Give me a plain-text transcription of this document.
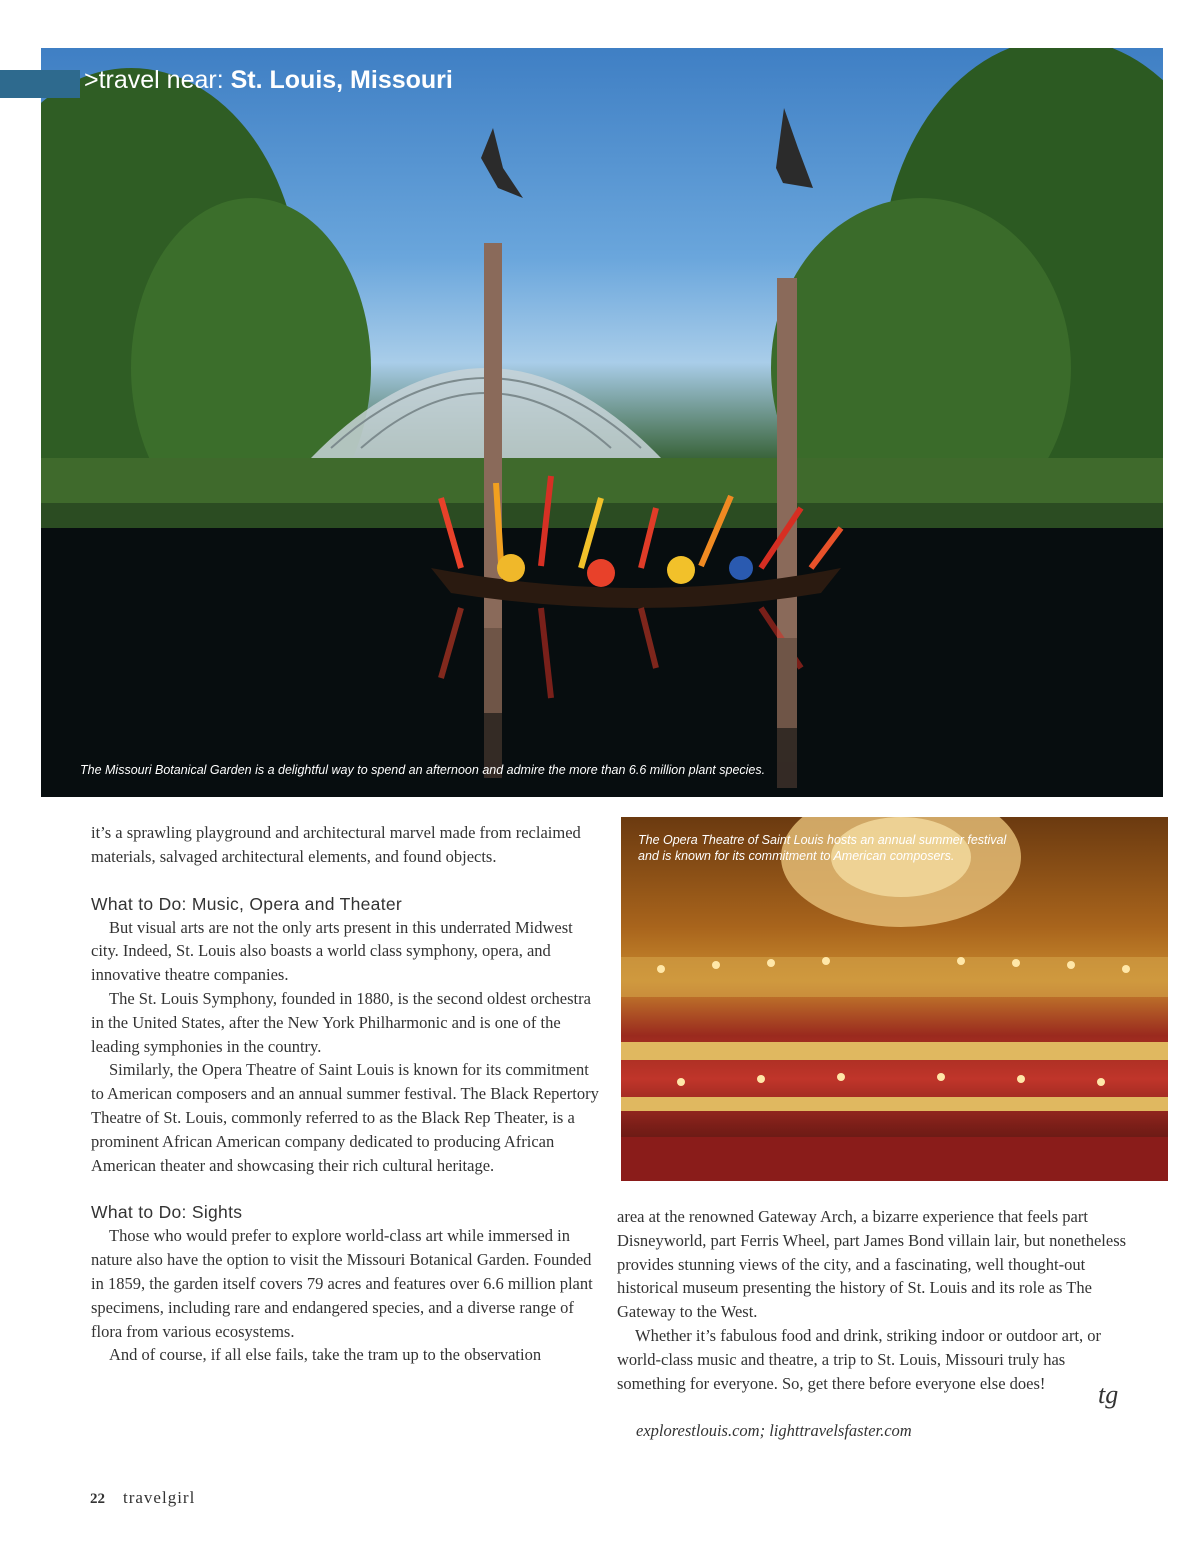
>travel near: St. Louis, Missouri
The Missouri Botanical Garden is a delightful way to spend an afternoon and admire the more than 6.6 million plant species.
The Opera Theatre of Saint Louis hosts an annual summer festival and is known for its commitment to American composers.

it’s a sprawling playground and architectural marvel made from reclaimed materials, salvaged architectural elements, and found objects.

What to Do: Music, Opera and Theater

But visual arts are not the only arts present in this underrated Midwest city. Indeed, St. Louis also boasts a world class symphony, opera, and innovative theatre companies.

The St. Louis Symphony, founded in 1880, is the second oldest orchestra in the United States, after the New York Philharmonic and is one of the leading symphonies in the country.

Similarly, the Opera Theatre of Saint Louis is known for its commitment to American composers and an annual summer festival. The Black Repertory Theatre of St. Louis, commonly referred to as the Black Rep Theater, is a prominent African American company dedicated to producing African American theater and showcasing their rich cultural heritage.

What to Do: Sights

Those who would prefer to explore world-class art while immersed in nature also have the option to visit the Missouri Botanical Garden. Founded in 1859, the garden itself covers 79 acres and features over 6.6 million plant specimens, including rare and endangered species, and a diverse range of flora from various ecosystems.

And of course, if all else fails, take the tram up to the observation

area at the renowned Gateway Arch, a bizarre experience that feels part Disneyworld, part Ferris Wheel, part James Bond villain lair, but nonetheless provides stunning views of the city, and a fascinating, well thought-out historical museum presenting the history of St. Louis and its role as The Gateway to the West.

Whether it’s fabulous food and drink, striking indoor or outdoor art, or world-class music and theatre, a trip to St. Louis, Missouri truly has something for everyone. So, get there before everyone else does!	tg
explorestlouis.com; lighttravelsfaster.com
22 travelgirl
